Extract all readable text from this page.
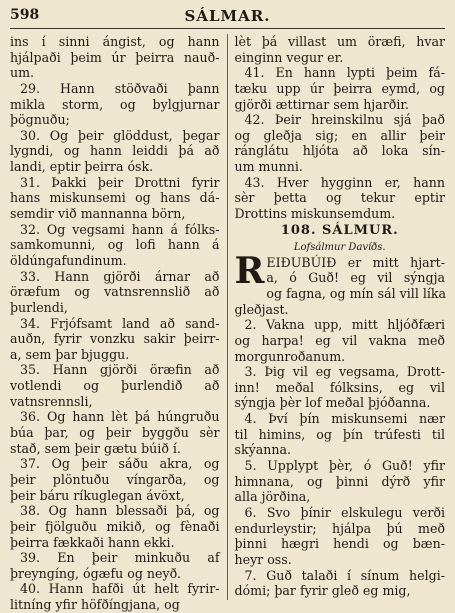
598	SÁLMAR.
ins í sinni ángist, og hann
hjálpaði þeim úr þeirra nauð-
um.
29. Hann stöðvaði þann
mikla storm, og bylgjurnar
þögnuðu;
30. Og þeir glöddust, þegar
lygndi, og hann leiddi þá að
landi, eptir þeirra ósk.
31. Þakki þeir Drottni fyrir
hans miskunsemi og hans dá-
semdir við mannanna börn,
32. Og vegsami hann á fólks-
samkomunni, og lofi hann á
öldúngafundinum.
33. Hann gjörði árnar að
öræfum og vatnsrennslið að
þurlendi,
34. Frjófsamt land að sand-
auðn, fyrir vonzku sakir þeirr-
a, sem þar bjuggu.
35. Hann gjörði öræfin að
votlendi og þurlendið að
vatnsrennsli,
36. Og hann lèt þá húngruðu
búa þar, og þeir byggðu sèr
stað, sem þeir gætu búið í.
37. Og þeir sáðu akra, og
þeir plöntuðu víngarða, og
þeir báru ríkuglegan ávöxt,
38. Og hann blessaði þá, og
þeir fjölguðu mikið, og fènaði
þeirra fækkaði hann ekki.
39. En þeir minkuðu af
þreyngíng, ógæfu og neyð.
40. Hann hafði út helt fyrir-
litníng yfir höfðíngjana, og
lèt þá villast um öræfi, hvar
einginn vegur er.
41. En hann lypti þeim fá-
tæku upp úr þeirra eymd, og
gjörði ættirnar sem hjarðir.
42. Þeir hreinskilnu sjá það
og gleðja sig; en allir þeir
ránglátu hljóta að loka sín-
um munni.
43. Hver hygginn er, hann
sèr þetta og tekur eptir
Drottins miskunsemdum.
108. SÁLMUR.
Lofsálmur Davíðs.
R EIÐUBÚIÐ er mitt hjart-
a, ó Guð! eg vil sýngja
og fagna, og mín sál vill líka
gleðjast.
2. Vakna upp, mitt hljóðfæri
og harpa! eg vil vakna með
morgunroðanum.
3. Þig vil eg vegsama, Drott-
inn! meðal fólksins, eg vil
sýngja þèr lof meðal þjóðanna.
4. Því þín miskunsemi nær
til himins, og þín trúfesti til
skýanna.
5. Upplypt þèr, ó Guð! yfir
himnana, og þinni dýrð yfir
alla jörðina,
6. Svo þínir elskulegu verði
endurleystir; hjálpa þú með
þinni hægri hendi og bæn-
heyr oss.
7. Guð talaði í sínum helgi-
dómi; þar fyrir gleð eg mig,
